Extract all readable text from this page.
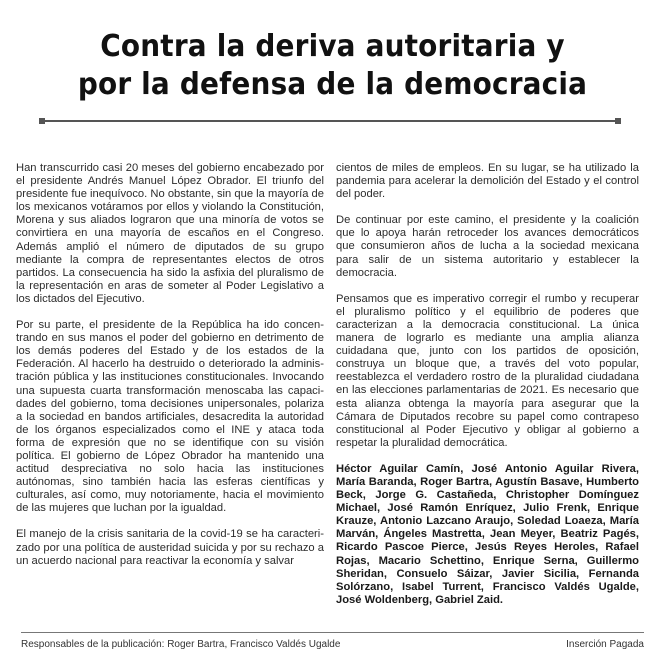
Contra la deriva autoritaria y
por la defensa de la democracia

Han transcurrido casi 20 meses del gobierno encabezado por el presidente Andrés Manuel López Obrador. El triunfo del presidente fue inequívoco. No obstante, sin que la mayoría de los mexicanos votáramos por ellos y violando la Constitución, Morena y sus aliados lograron que una minoría de votos se convirtiera en una mayoría de escaños en el Congreso. Además amplió el número de diputados de su grupo mediante la compra de representantes electos de otros partidos. La consecuencia ha sido la asfixia del pluralismo de la representación en aras de someter al Poder Legislativo a los dictados del Ejecutivo.

Por su parte, el presidente de la República ha ido concentrando en sus manos el poder del gobierno en detrimento de los demás poderes del Estado y de los estados de la Federación. Al hacerlo ha destruido o deteriorado la administración pública y las instituciones constitucionales. Invocando una supuesta cuarta transformación menoscaba las capacidades del gobierno, toma decisiones unipersonales, polariza a la sociedad en bandos artificiales, desacredita la autoridad de los órganos especializados como el INE y ataca toda forma de expresión que no se identifique con su visión política. El gobierno de López Obrador ha mantenido una actitud despreciativa no solo hacia las instituciones autónomas, sino también hacia las esferas científicas y culturales, así como, muy notoriamente, hacia el movimiento de las mujeres que luchan por la igualdad.

El manejo de la crisis sanitaria de la covid-19 se ha caracterizado por una política de austeridad suicida y por su rechazo a un acuerdo nacional para reactivar la economía y salvar

cientos de miles de empleos. En su lugar, se ha utilizado la pandemia para acelerar la demolición del Estado y el control del poder.

De continuar por este camino, el presidente y la coalición que lo apoya harán retroceder los avances democráticos que consumieron años de lucha a la sociedad mexicana para salir de un sistema autoritario y establecer la democracia.

Pensamos que es imperativo corregir el rumbo y recuperar el pluralismo político y el equilibrio de poderes que caracterizan a la democracia constitucional. La única manera de lograrlo es mediante una amplia alianza cuidadana que, junto con los partidos de oposición, construya un bloque que, a través del voto popular, reestablezca el verdadero rostro de la pluralidad ciudadana en las elecciones parlamentarias de 2021. Es necesario que esta alianza obtenga la mayoría para asegurar que la Cámara de Diputados recobre su papel como contrapeso constitucional al Poder Ejecutivo y obligar al gobierno a respetar la pluralidad democrática.

Héctor Aguilar Camín, José Antonio Aguilar Rivera, María Baranda, Roger Bartra, Agustín Basave, Humberto Beck, Jorge G. Castañeda, Christopher Domínguez Michael, José Ramón Enríquez, Julio Frenk, Enrique Krauze, Antonio Lazcano Araujo, Soledad Loaeza, María Marván, Ángeles Mastretta, Jean Meyer, Beatriz Pagés, Ricardo Pascoe Pierce, Jesús Reyes Heroles, Rafael Rojas, Macario Schettino, Enrique Serna, Guillermo Sheridan, Consuelo Sáizar, Javier Sicilia, Fernanda Solórzano, Isabel Turrent, Francisco Valdés Ugalde, José Woldenberg, Gabriel Zaid.

Responsables de la publicación: Roger Bartra, Francisco Valdés Ugalde	Inserción Pagada
